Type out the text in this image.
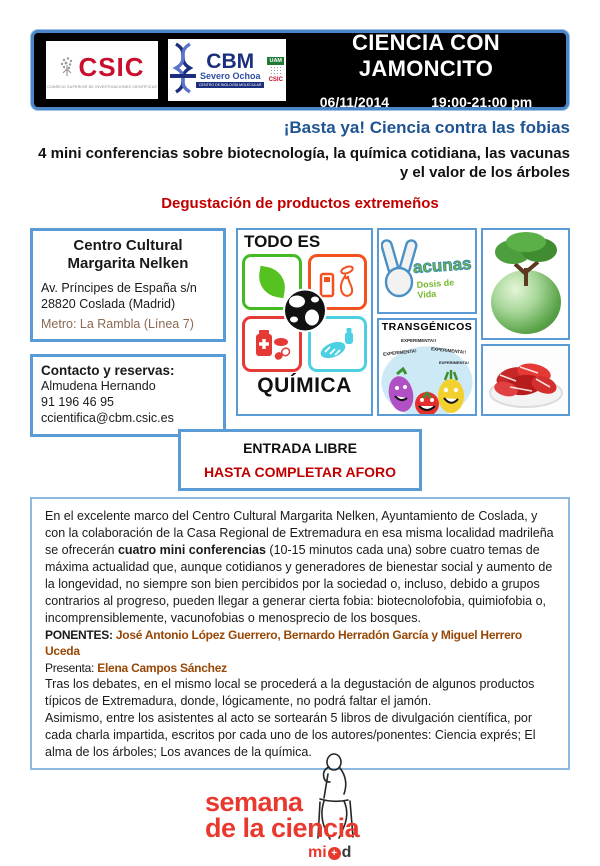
CSIC
CONSEJO SUPERIOR DE INVESTIGACIONES CIENTÍFICAS
CBM
Severo Ochoa
CENTRO DE BIOLOGÍA MOLECULAR
UAM
CSIC
CIENCIA CON JAMONCITO
06/11/2014	19:00-21:00 pm
¡Basta ya! Ciencia contra las fobias
4 mini conferencias sobre biotecnología, la química cotidiana, las vacunas
y el valor de los árboles
Degustación de productos extremeños
Centro Cultural
Margarita Nelken
Av. Príncipes de España s/n
28820 Coslada (Madrid)
Metro: La Rambla (Línea 7)
Contacto y reservas:
Almudena Hernando
91 196 46 95
ccientifica@cbm.csic.es
TODO ES
QUÍMICA
acunas
Dosis de Vida
TRANSGÉNICOS
EXPERIMENTA!!
EXPERIMENTA!	EXPERIMENTA!!
EXPERIMENTA!
ENTRADA LIBRE
HASTA COMPLETAR AFORO

En el excelente marco del Centro Cultural Margarita Nelken, Ayuntamiento de Coslada, y con la colaboración de la Casa Regional de Extremadura en esa misma localidad madrileña se ofrecerán cuatro mini conferencias (10-15 minutos cada una) sobre cuatro temas de máxima actualidad que, aunque cotidianos y generadores de bienestar social y aumento de la longevidad, no siempre son bien percibidos por la sociedad o, incluso, debido a grupos contrarios al progreso, pueden llegar a generar cierta fobia: biotecnolofobia, quimiofobia o, incomprensiblemente, vacunofobias o menosprecio de los bosques.

PONENTES: José Antonio López Guerrero, Bernardo Herradón García y Miguel Herrero Uceda
Presenta: Elena Campos Sánchez

Tras los debates, en el mismo local se procederá a la degustación de algunos productos típicos de Extremadura, donde, lógicamente, no podrá faltar el jamón.

Asimismo, entre los asistentes al acto se sortearán 5 libros de divulgación científica, por cada charla impartida, escritos por cada uno de los autores/ponentes: Ciencia exprés; El alma de los árboles; Los avances de la química.

semana
de la ciencia
mi + d
